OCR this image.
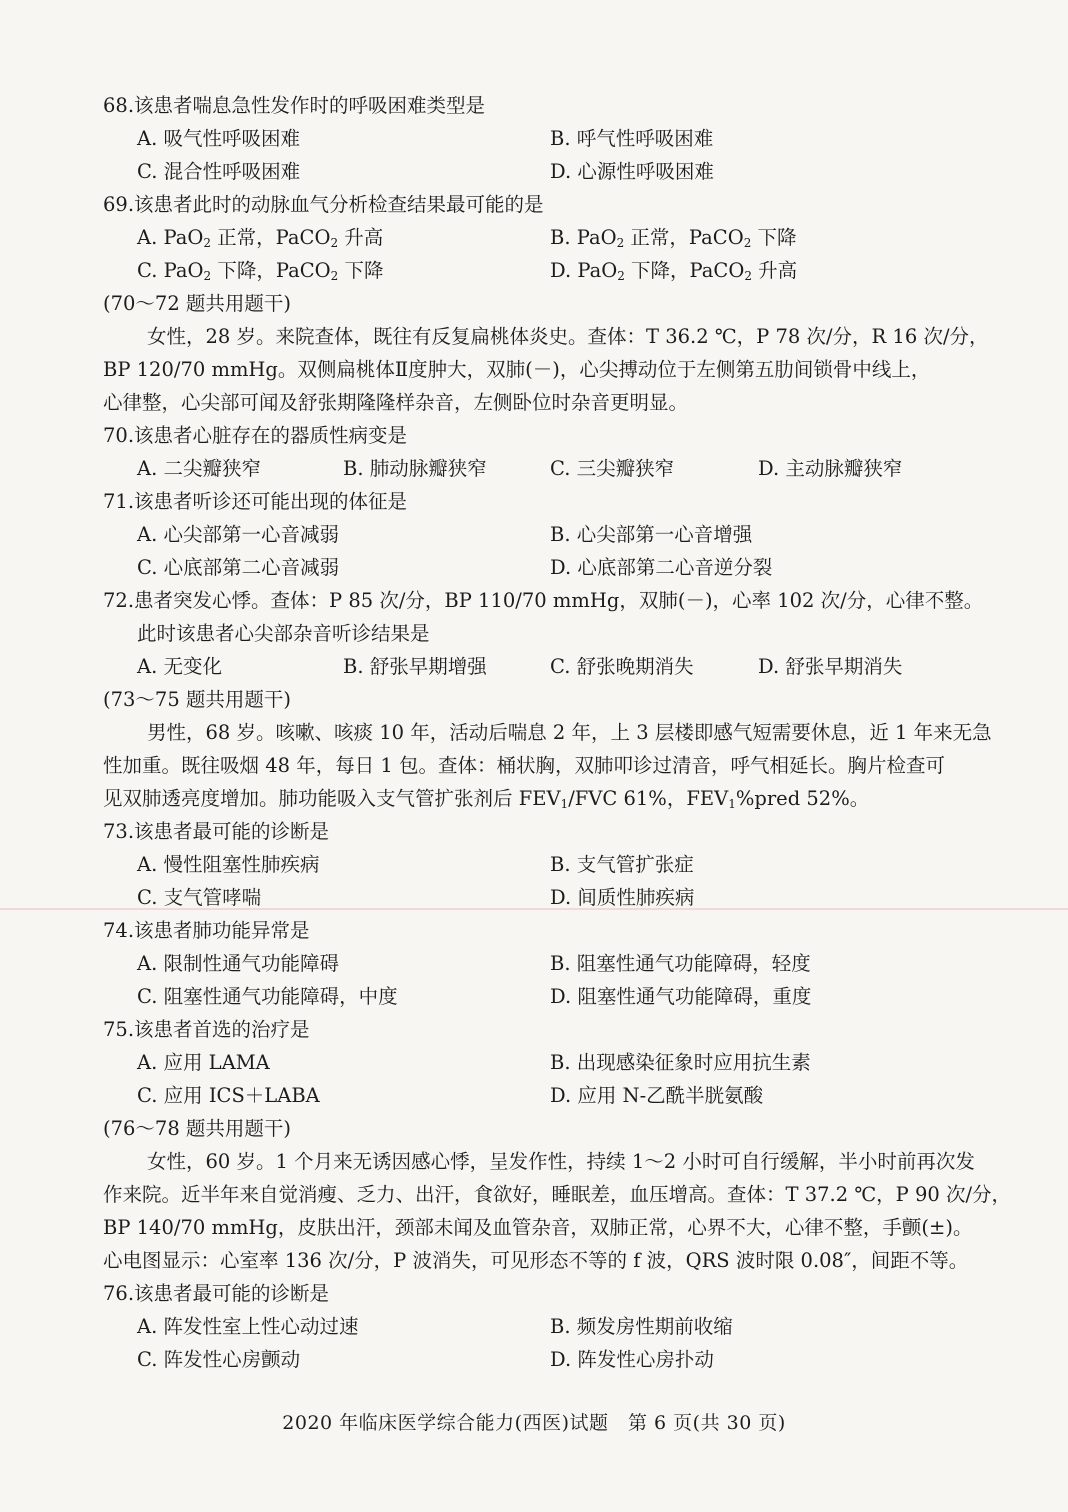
68.该患者喘息急性发作时的呼吸困难类型是
A. 吸气性呼吸困难	B. 呼气性呼吸困难
C. 混合性呼吸困难	D. 心源性呼吸困难
69.该患者此时的动脉血气分析检查结果最可能的是
A. PaO$_2$ 正常，PaCO$_2$ 升高	B. PaO$_2$ 正常，PaCO$_2$ 下降
C. PaO$_2$ 下降，PaCO$_2$ 下降	D. PaO$_2$ 下降，PaCO$_2$ 升高
(70～72 题共用题干)
女性，28 岁。来院查体，既往有反复扁桃体炎史。查体：T 36.2 ℃，P 78 次/分，R 16 次/分，
BP 120/70 mmHg。双侧扁桃体Ⅱ度肿大，双肺(－)，心尖搏动位于左侧第五肋间锁骨中线上，
心律整，心尖部可闻及舒张期隆隆样杂音，左侧卧位时杂音更明显。
70.该患者心脏存在的器质性病变是
A. 二尖瓣狭窄	B. 肺动脉瓣狭窄	C. 三尖瓣狭窄	D. 主动脉瓣狭窄
71.该患者听诊还可能出现的体征是
A. 心尖部第一心音减弱	B. 心尖部第一心音增强
C. 心底部第二心音减弱	D. 心底部第二心音逆分裂
72.患者突发心悸。查体：P 85 次/分，BP 110/70 mmHg，双肺(－)，心率 102 次/分，心律不整。
此时该患者心尖部杂音听诊结果是
A. 无变化	B. 舒张早期增强	C. 舒张晚期消失	D. 舒张早期消失
(73～75 题共用题干)
男性，68 岁。咳嗽、咳痰 10 年，活动后喘息 2 年，上 3 层楼即感气短需要休息，近 1 年来无急
性加重。既往吸烟 48 年，每日 1 包。查体：桶状胸，双肺叩诊过清音，呼气相延长。胸片检查可
见双肺透亮度增加。肺功能吸入支气管扩张剂后 $FEV_1$/FVC 61%，$FEV_1\%pred$ 52%。
73.该患者最可能的诊断是
A. 慢性阻塞性肺疾病	B. 支气管扩张症
C. 支气管哮喘	D. 间质性肺疾病
74.该患者肺功能异常是
A. 限制性通气功能障碍	B. 阻塞性通气功能障碍，轻度
C. 阻塞性通气功能障碍，中度	D. 阻塞性通气功能障碍，重度
75.该患者首选的治疗是
A. 应用 LAMA	B. 出现感染征象时应用抗生素
C. 应用 ICS＋LABA	D. 应用 N-乙酰半胱氨酸
(76～78 题共用题干)
女性，60 岁。1 个月来无诱因感心悸，呈发作性，持续 1～2 小时可自行缓解，半小时前再次发
作来院。近半年来自觉消瘦、乏力、出汗，食欲好，睡眠差，血压增高。查体：T 37.2 ℃，P 90 次/分，
BP 140/70 mmHg，皮肤出汗，颈部未闻及血管杂音，双肺正常，心界不大，心律不整，手颤(±)。
心电图显示：心室率 136 次/分，P 波消失，可见形态不等的 f 波，QRS 波时限 0.08″，间距不等。
76.该患者最可能的诊断是
A. 阵发性室上性心动过速	B. 频发房性期前收缩
C. 阵发性心房颤动	D. 阵发性心房扑动
2020 年临床医学综合能力(西医)试题　第 6 页(共 30 页)
